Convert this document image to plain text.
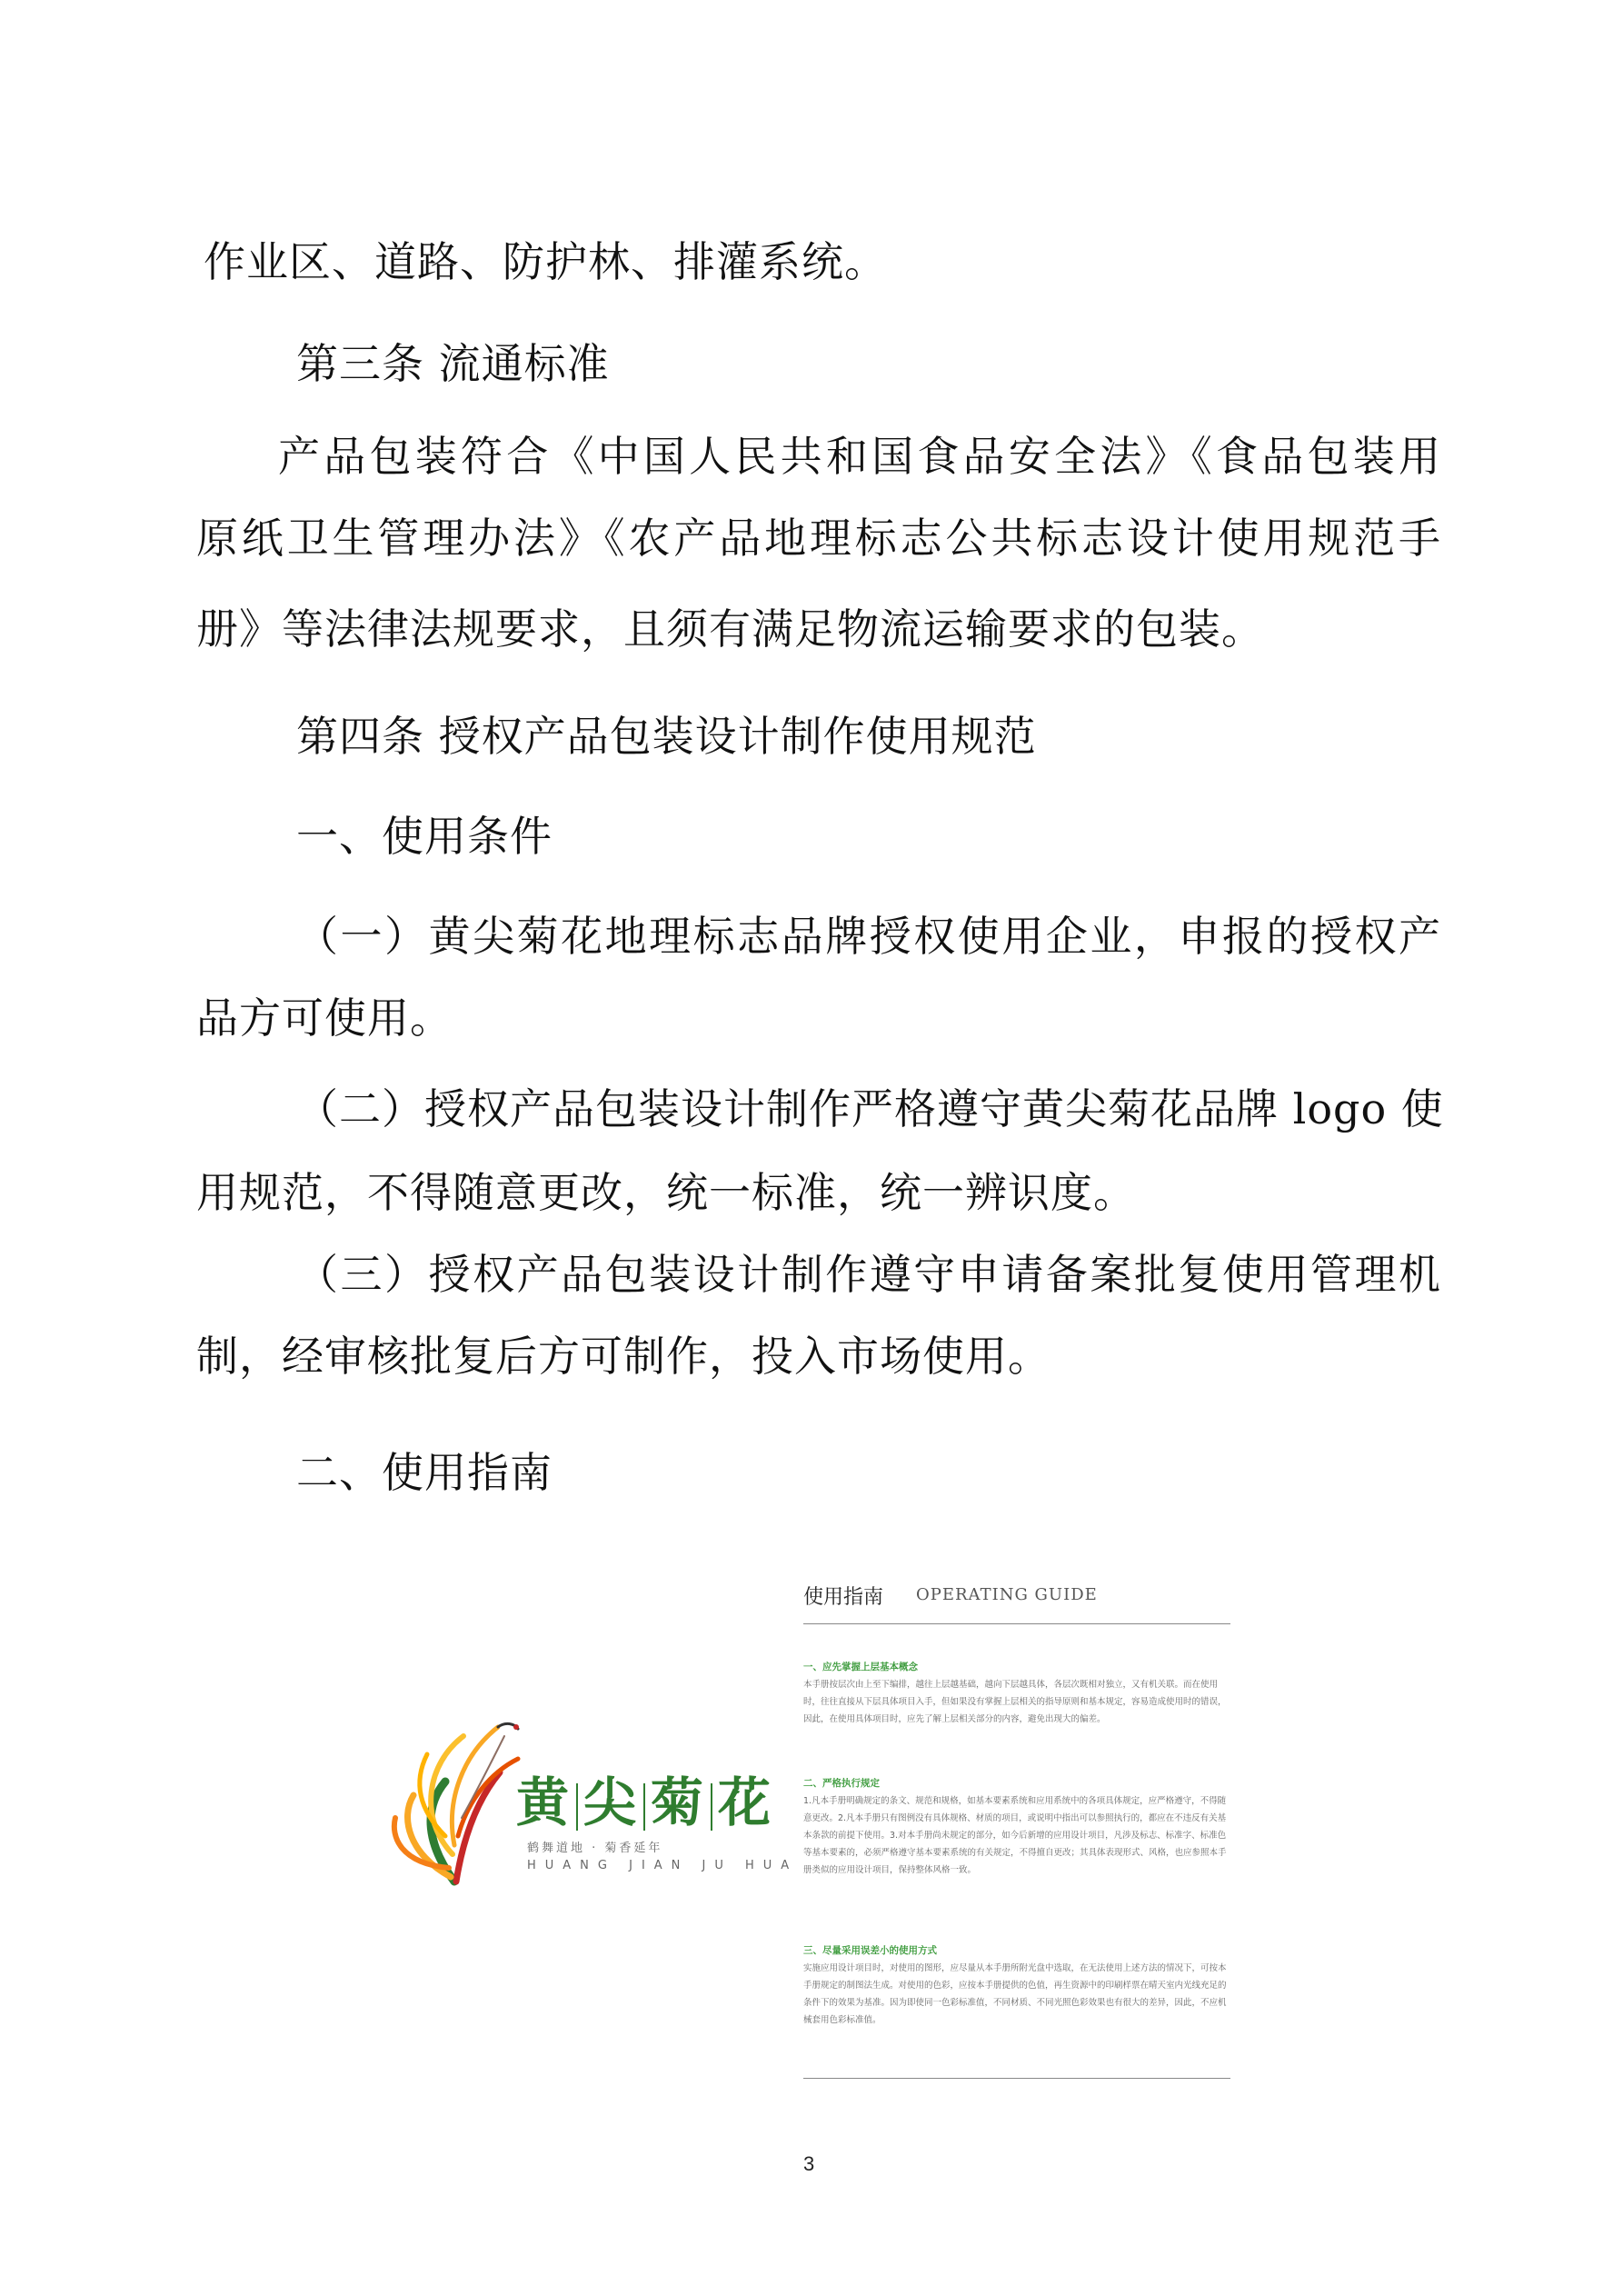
作业区、道路、防护林、排灌系统。
第三条 流通标准
产品包装符合《中国人民共和国食品安全法》《食品包装用
原纸卫生管理办法》《农产品地理标志公共标志设计使用规范手
册》等法律法规要求，且须有满足物流运输要求的包装。
第四条 授权产品包装设计制作使用规范
一、使用条件
（一）黄尖菊花地理标志品牌授权使用企业，申报的授权产
品方可使用。
（二）授权产品包装设计制作严格遵守黄尖菊花品牌 logo 使
用规范，不得随意更改，统一标准，统一辨识度。
（三）授权产品包装设计制作遵守申请备案批复使用管理机
制，经审核批复后方可制作，投入市场使用。
二、使用指南
黄 尖 菊 花
鹤舞道地 · 菊香延年
HUANG JIAN JU HUA
使用指南 OPERATING GUIDE
一、应先掌握上层基本概念
本手册按层次由上至下编排，越往上层越基础，越向下层越具体，各层次既相对独立，又有机关联。而在使用时，往往直接从下层具体项目入手，但如果没有掌握上层相关的指导原则和基本规定，容易造成使用时的错误，因此，在使用具体项目时，应先了解上层相关部分的内容，避免出现大的偏差。
二、严格执行规定
1.凡本手册明确规定的条文、规范和规格，如基本要素系统和应用系统中的各项具体规定，应严格遵守，不得随意更改。2.凡本手册只有图例没有具体规格、材质的项目，或说明中指出可以参照执行的，都应在不违反有关基本条款的前提下使用。3.对本手册尚未规定的部分，如今后新增的应用设计项目，凡涉及标志、标准字、标准色等基本要素的，必须严格遵守基本要素系统的有关规定，不得擅自更改；其具体表现形式、风格，也应参照本手册类似的应用设计项目，保持整体风格一致。
三、尽量采用误差小的使用方式
实施应用设计项目时，对使用的图形，应尽量从本手册所附光盘中选取，在无法使用上述方法的情况下，可按本手册规定的制图法生成。对使用的色彩，应按本手册提供的色值，再生资源中的印刷样票在晴天室内光线充足的条件下的效果为基准。因为即使同一色彩标准值，不同材质、不同光照色彩效果也有很大的差异，因此，不应机械套用色彩标准值。
3
